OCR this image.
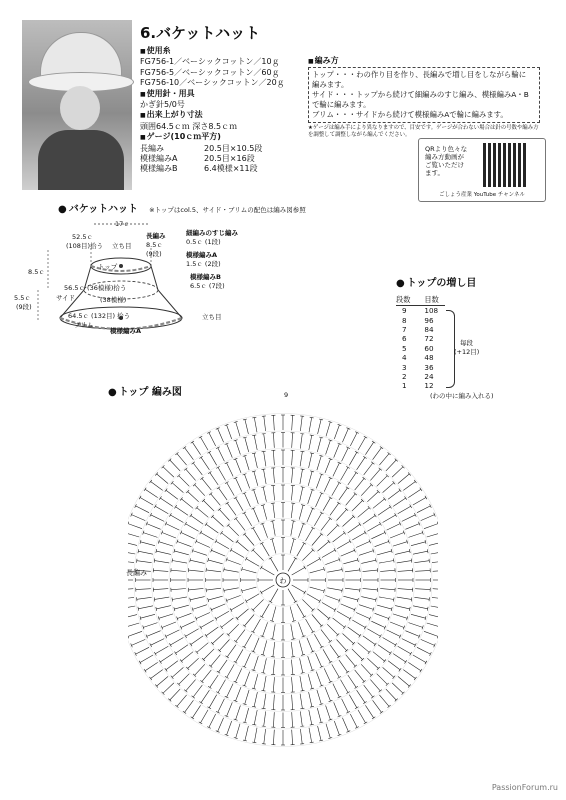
6.バケットハット
■ 使用糸
FG756-1／ベーシックコットン／10ｇ
FG756-5／ベーシックコットン／60ｇ
FG756-10／ベーシックコットン／20ｇ
■ 使用針・用具
かぎ針5/0号
■ 出来上がり寸法
頭囲64.5ｃｍ 深さ8.5ｃｍ
■ ゲージ(10ｃｍ平方)
長編み	20.5目×10.5段
模様編みA	20.5目×16段
模様編みB	6.4模様×11段
■ 編み方
トップ・・・わの作り目を作り、長編みで増し目をしながら輪に
編みます。
サイド・・・トップから続けて細編みのすじ編み、模様編みA・Bで輪に編みます。
ブリム・・・サイドから続けて模様編みAで輪に編みます。
★ゲージは編み手により異なりますので、目安です。ゲージが合わない場合は針の号数や編み方を調整して調整しながら編んでください。
QRより色々な編み方動画がご覧いただけます。
ごしょう産業 YouTube チャンネル
● バケットハット ※トップはcol.5、サイド・ブリムの配色は編み図参照
17ｃ
52.5ｃ
(108目)拾う 立ち目
長編み
8.5ｃ
(9段)
細編みのすじ編み
0.5ｃ (1段)
トップ
模様編みA
1.5ｃ (2段)
模様編みB
6.5ｃ (7段)
8.5ｃ
56.5ｃ (36模様)拾う
サイド	(38模様)
5.5ｃ
(9段)
64.5ｃ (132目) 拾う
ブリム
模様編みA
立ち目
● トップの増し目
段数	目数
9	108
8	96
7	84
6	72
5	60
4	48
3	36
2	24
1	12
(わの中に編み入れる)
毎段
(+12目)
● トップ 編み図
わ
長編み
9
PassionForum.ru
